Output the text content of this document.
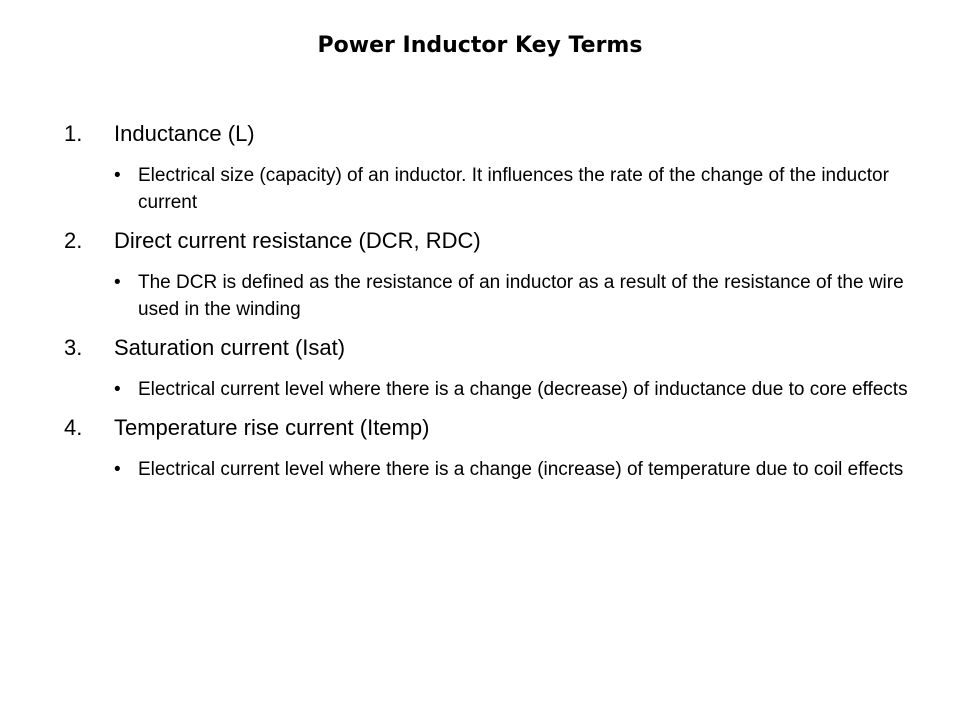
Power Inductor Key Terms
1.	Inductance (L)
• Electrical size (capacity) of an inductor. It influences the rate of the change of the inductor current
2.	Direct current resistance (DCR, RDC)
• The DCR is defined as the resistance of an inductor as a result of the resistance of the wire used in the winding
3.	Saturation current (Isat)
• Electrical current level where there is a change (decrease) of inductance due to core effects
4.	Temperature rise current (Itemp)
• Electrical current level where there is a change (increase) of temperature due to coil effects
